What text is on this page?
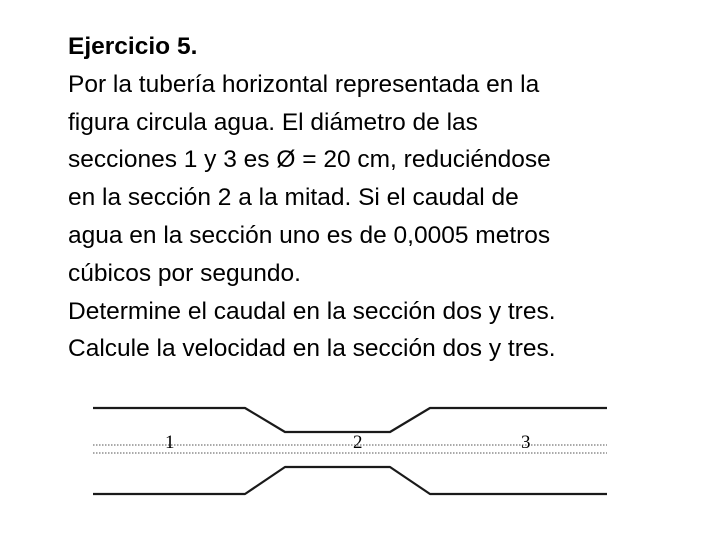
Ejercicio 5.
Por la tubería horizontal representada en la
figura circula agua. El diámetro de las
secciones 1 y 3 es Ø = 20 cm, reduciéndose
en la sección 2 a la mitad. Si el caudal de
agua en la sección uno es de 0,0005 metros
cúbicos por segundo.
Determine el caudal en la sección dos y tres.
Calcule la velocidad en la sección dos y tres.
1	2	3
